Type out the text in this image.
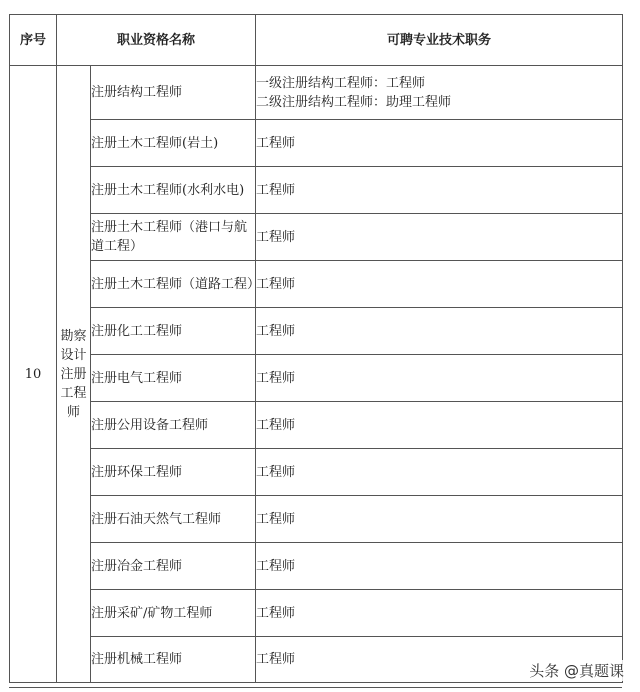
序号	职业资格名称		可聘专业技术职务
10	勘察设计注册工程师	注册结构工程师	一级注册结构工程师：工程师
二级注册结构工程师：助理工程师

		注册土木工程师(岩土)	工程师

		注册土木工程师(水利水电)	工程师

		注册土木工程师（港口与航道工程）	工程师

		注册土木工程师（道路工程）	工程师

		注册化工工程师	工程师

		注册电气工程师	工程师

		注册公用设备工程师	工程师

		注册环保工程师	工程师

		注册石油天然气工程师	工程师

		注册冶金工程师	工程师

		注册采矿/矿物工程师	工程师

		注册机械工程师	工程师
头条 @真题课
